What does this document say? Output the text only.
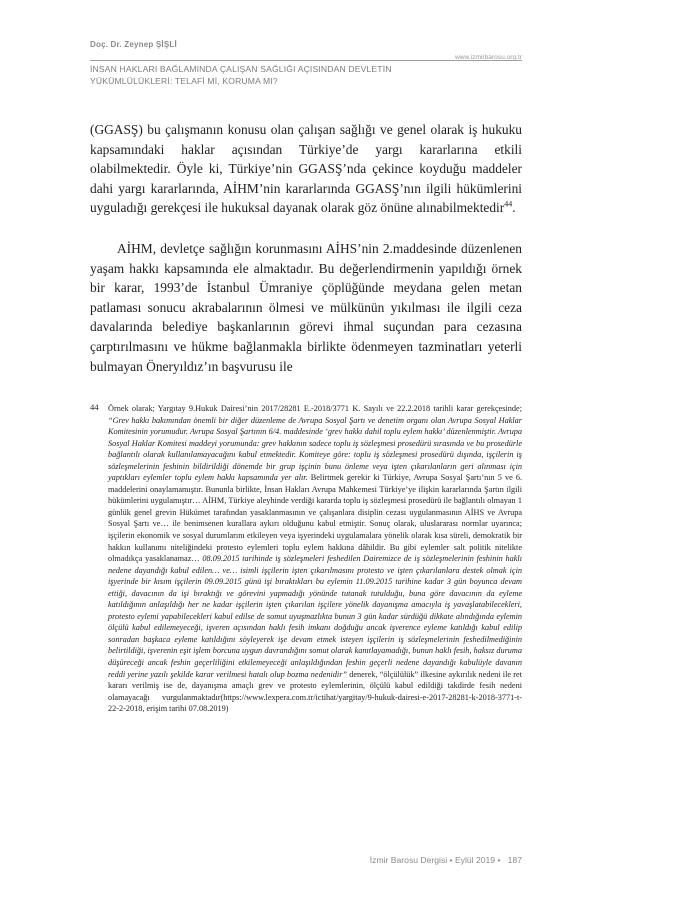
Doç. Dr. Zeynep ŞİŞLİ
www.izmirbarosu.org.tr
İNSAN HAKLARI BAĞLAMINDA ÇALIŞAN SAĞLIĞI AÇISINDAN DEVLETİN YÜKÜMLÜLÜKLERİ: TELAFİ Mİ, KORUMA MI?

(GGASŞ) bu çalışmanın konusu olan çalışan sağlığı ve genel olarak iş hukuku kapsamındaki haklar açısından Türkiye’de yargı kararlarına etkili olabilmektedir. Öyle ki, Türkiye’nin GGASŞ’nda çekince koyduğu maddeler dahi yargı kararlarında, AİHM’nin kararlarında GGASŞ’nın ilgili hükümlerini uyguladığı gerekçesi ile hukuksal dayanak olarak göz önüne alınabilmektedir$^{44}$.

AİHM, devletçe sağlığın korunmasını AİHS’nin 2.maddesinde düzenlenen yaşam hakkı kapsamında ele almaktadır. Bu değerlendirmenin yapıldığı örnek bir karar, 1993’de İstanbul Ümraniye çöplüğünde meydana gelen metan patlaması sonucu akrabalarının ölmesi ve mülkünün yıkılması ile ilgili ceza davalarında belediye başkanlarının görevi ihmal suçundan para cezasına çarptırılmasını ve hükme bağlanmakla birlikte ödenmeyen tazminatları yeterli bulmayan Öneryıldız’ın başvurusu ile

44 Örnek olarak; Yargıtay 9.Hukuk Dairesi’nin 2017/28281 E.-2018/3771 K. Sayılı ve 22.2.2018 tarihli karar gerekçesinde; “Grev hakkı bakımından önemli bir diğer düzenleme de Avrupa Sosyal Şartı ve denetim organı olan Avrupa Sosyal Haklar Komitesinin yorumudur. Avrupa Sosyal Şartının 6/4. maddesinde ‘grev hakkı dahil toplu eylem hakkı’ düzenlenmiştir. Avrupa Sosyal Haklar Komitesi maddeyi yorumunda: grev hakkının sadece toplu iş sözleşmesi prosedürü sırasında ve bu prosedürle bağlantılı olarak kullanılamayacağını kabul etmektedir. Komiteye göre: toplu iş sözleşmesi prosedürü dışında, işçilerin iş sözleşmelerinin feshinin bildirildiği dönemde bir grup işçinin bunu önleme veya işten çıkarılanların geri alınması için yaptıkları eylemler toplu eylem hakkı kapsamında yer alır. Belirtmek gerekir ki Türkiye, Avrupa Sosyal Şartı’nın 5 ve 6. maddelerini onaylamamıştır. Bununla birlikte, İnsan Hakları Avrupa Mahkemesi Türkiye’ye ilişkin kararlarında Şartın ilgili hükümlerini uygulamıştır… AİHM, Türkiye aleyhinde verdiği kararda toplu iş sözleşmesi prosedürü ile bağlantılı olmayan 1 günlük genel grevin Hükümet tarafından yasaklanmasının ve çalışanlara disiplin cezası uygulanmasının AİHS ve Avrupa Sosyal Şartı ve… ile benimsenen kurallara aykırı olduğunu kabul etmiştir. Sonuç olarak, uluslararası normlar uyarınca; işçilerin ekonomik ve sosyal durumlarını etkileyen veya işyerindeki uygulamalara yönelik olarak kısa süreli, demokratik bir hakkın kullanımı niteliğindeki protesto eylemleri toplu eylem hakkına dâhildir. Bu gibi eylemler salt politik nitelikte olmadıkça yasaklanamaz… 08.09.2015 tarihinde iş sözleşmeleri feshedilen Dairemizce de iş sözleşmelerinin feshinin haklı nedene dayandığı kabul edilen… ve… isimli işçilerin işten çıkarılmasını protesto ve işten çıkarılanlara destek olmak için işyerinde bir kısım işçilerin 09.09.2015 günü işi bıraktıkları bu eylemin 11.09.2015 tarihine kadar 3 gün boyunca devam ettiği, davacının da işi bıraktığı ve görevini yapmadığı yönünde tutanak tutulduğu, buna göre davacının da eyleme katıldığının anlaşıldığı her ne kadar işçilerin işten çıkarılan işçilere yönelik dayanışma amacıyla iş yavaşlatabilecekleri, protesto eylemi yapabilecekleri kabul edilse de somut uyuşmazlıkta bunun 3 gün kadar sürdüğü dikkate alındığında eylemin ölçülü kabul edilemeyeceği, işveren açısından haklı fesih imkanı doğduğu ancak işverence eyleme katıldığı kabul edilip sonradan başkaca eyleme katıldığını söyleyerek işe devam etmek isteyen işçilerin iş sözleşmelerinin feshedilmediğinin belirtildiği, işverenin eşit işlem borcuna uygun davrandığını somut olarak kanıtlayamadığı, bunun haklı fesih, haksız duruma düşüreceği ancak feshin geçerliliğini etkilemeyeceği anlaşıldığından feshin geçerli nedene dayandığı kabulüyle davanın reddi yerine yazılı şekilde karar verilmesi hatalı olup bozma nedenidir” denerek, “ölçülülük” ilkesine aykırılık nedeni ile ret kararı verilmiş ise de, dayanışma amaçlı grev ve protesto eylemlerinin, ölçülü kabul edildiği takdirde fesih nedeni olamayacağı vurgulanmaktadır(https://www.lexpera.com.tr/ictihat/yargitay/9-hukuk-dairesi-e-2017-28281-k-2018-3771-t-22-2-2018, erişim tarihi 07.08.2019)
İzmir Barosu Dergisi • Eylül 2019 • 187
